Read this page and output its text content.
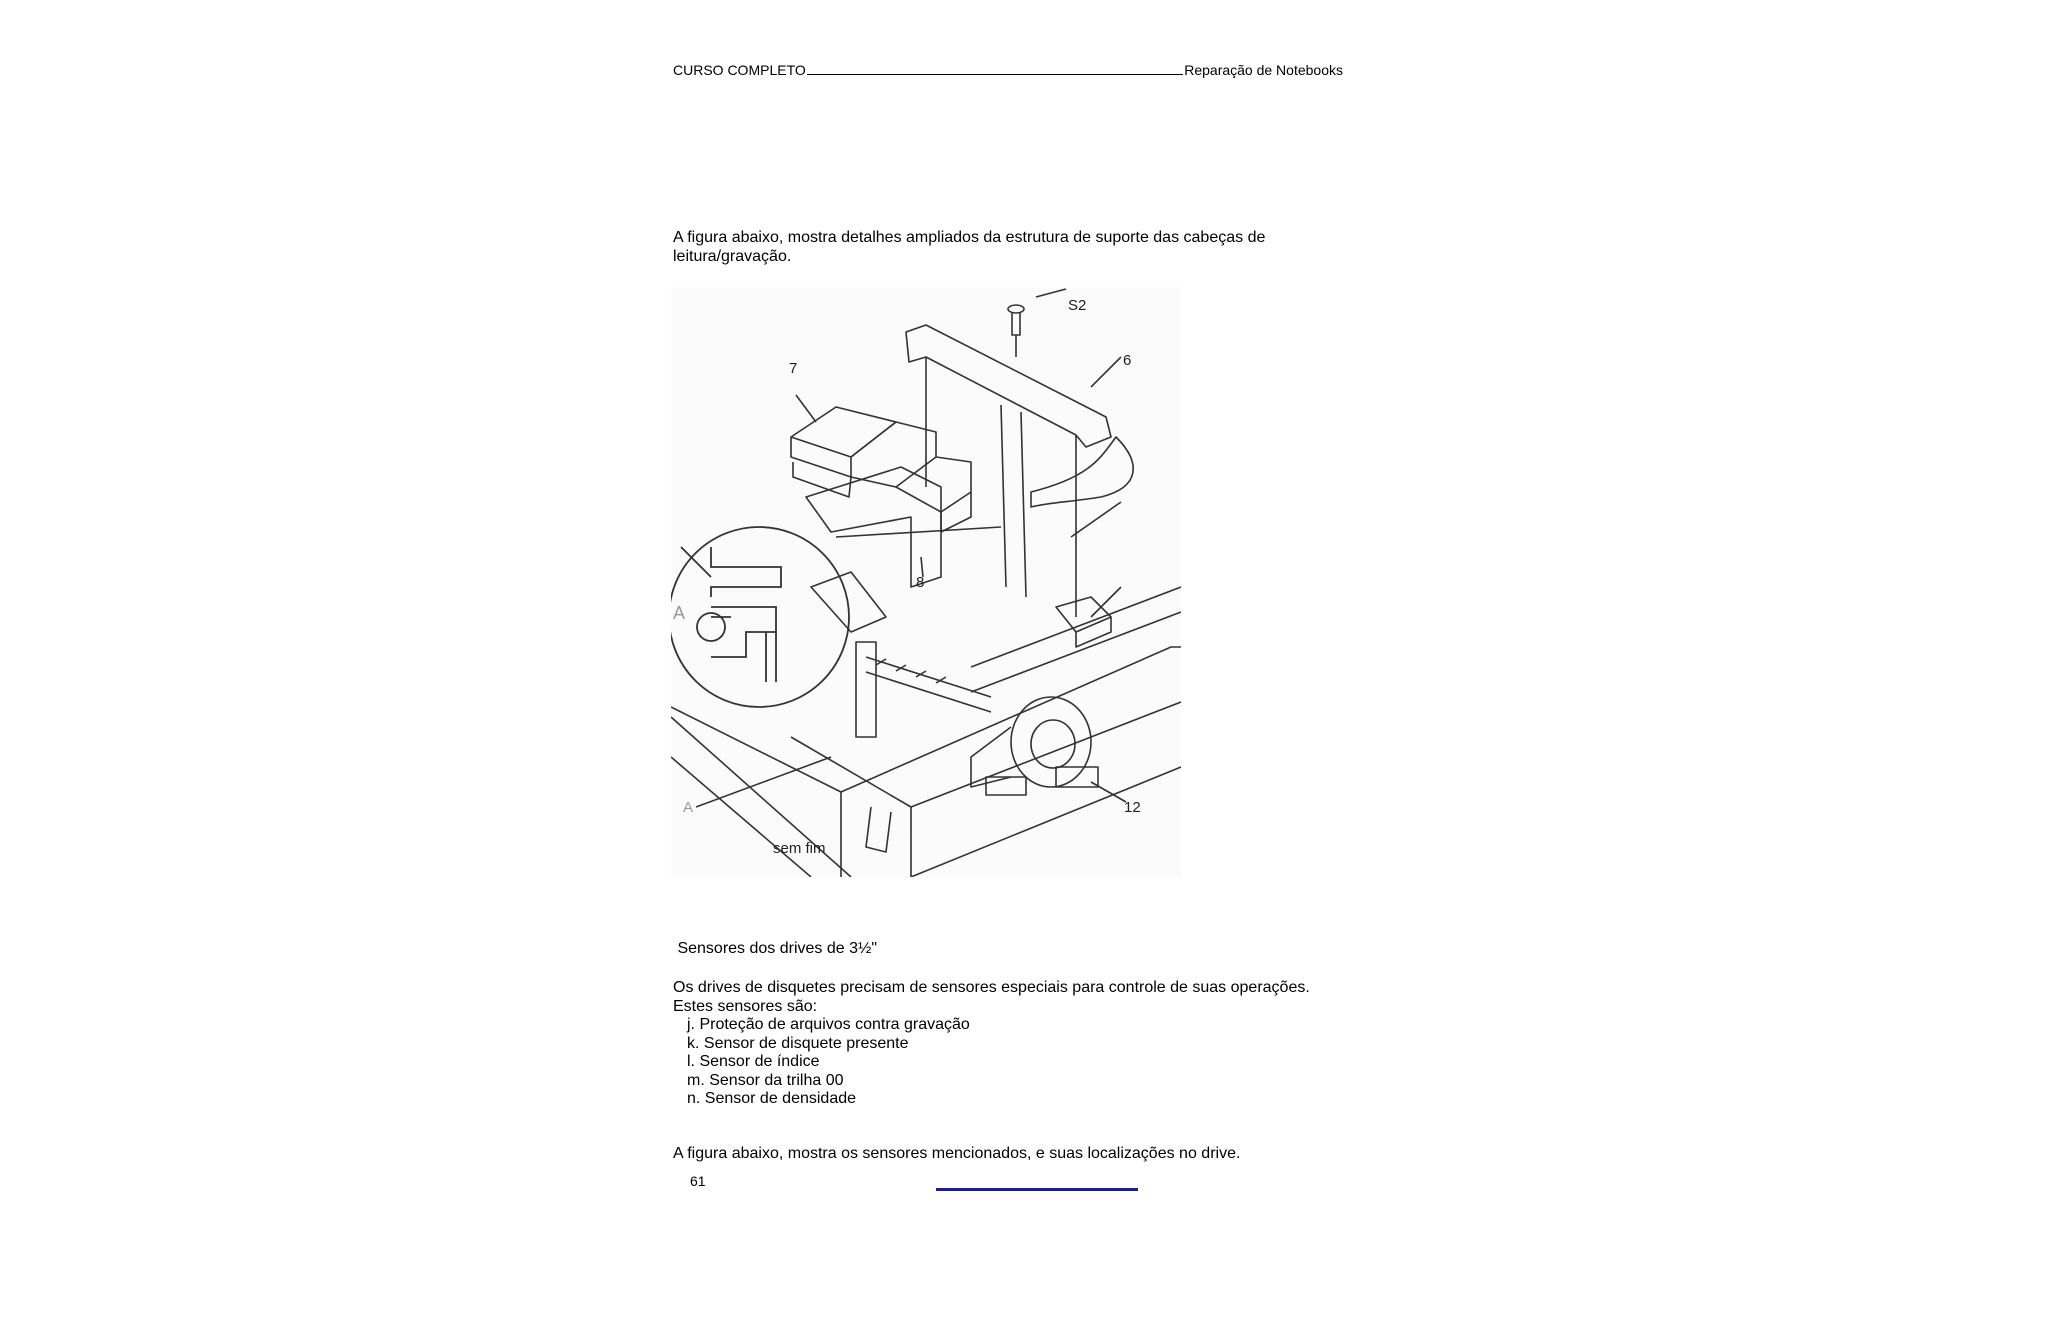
CURSO COMPLETO	Reparação de Notebooks
A figura abaixo, mostra detalhes ampliados da estrutura de suporte das cabeças de
leitura/gravação.
S2
6
7
8
12
A
A
sem fim
Sensores dos drives de 3½"
Os drives de disquetes precisam de sensores especiais para controle de suas operações.
Estes sensores são:
j. Proteção de arquivos contra gravação
k. Sensor de disquete presente
l. Sensor de índice
m. Sensor da trilha 00
n. Sensor de densidade
A figura abaixo, mostra os sensores mencionados, e suas localizações no drive.
61
